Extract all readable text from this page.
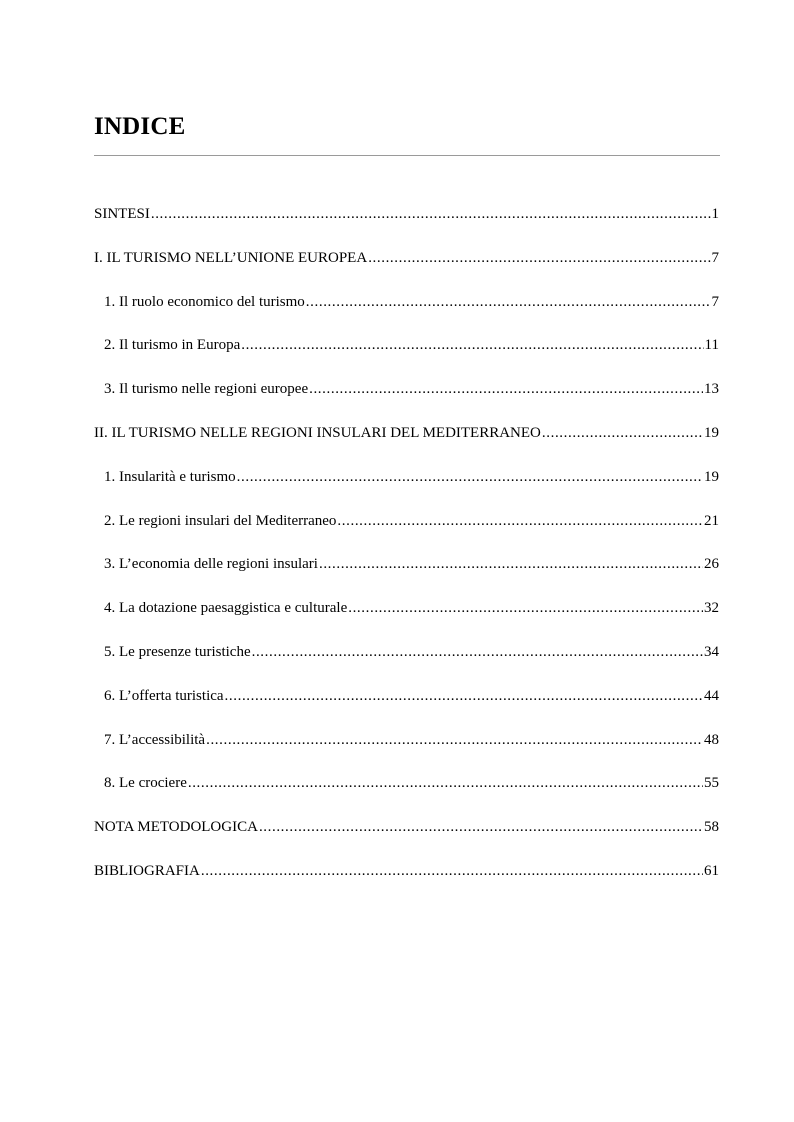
INDICE
SINTESI .....	1
I. IL TURISMO NELL’UNIONE EUROPEA .....	7
1. Il ruolo economico del turismo .....	7
2. Il turismo in Europa .....	11
3. Il turismo nelle regioni europee .....	13
II. IL TURISMO NELLE REGIONI INSULARI DEL MEDITERRANEO .....	19
1. Insularità e turismo .....	19
2. Le regioni insulari del Mediterraneo .....	21
3. L’economia delle regioni insulari .....	26
4. La dotazione paesaggistica e culturale .....	32
5. Le presenze turistiche .....	34
6. L’offerta turistica .....	44
7. L’accessibilità .....	48
8. Le crociere .....	55
NOTA METODOLOGICA .....	58
BIBLIOGRAFIA .....	61
